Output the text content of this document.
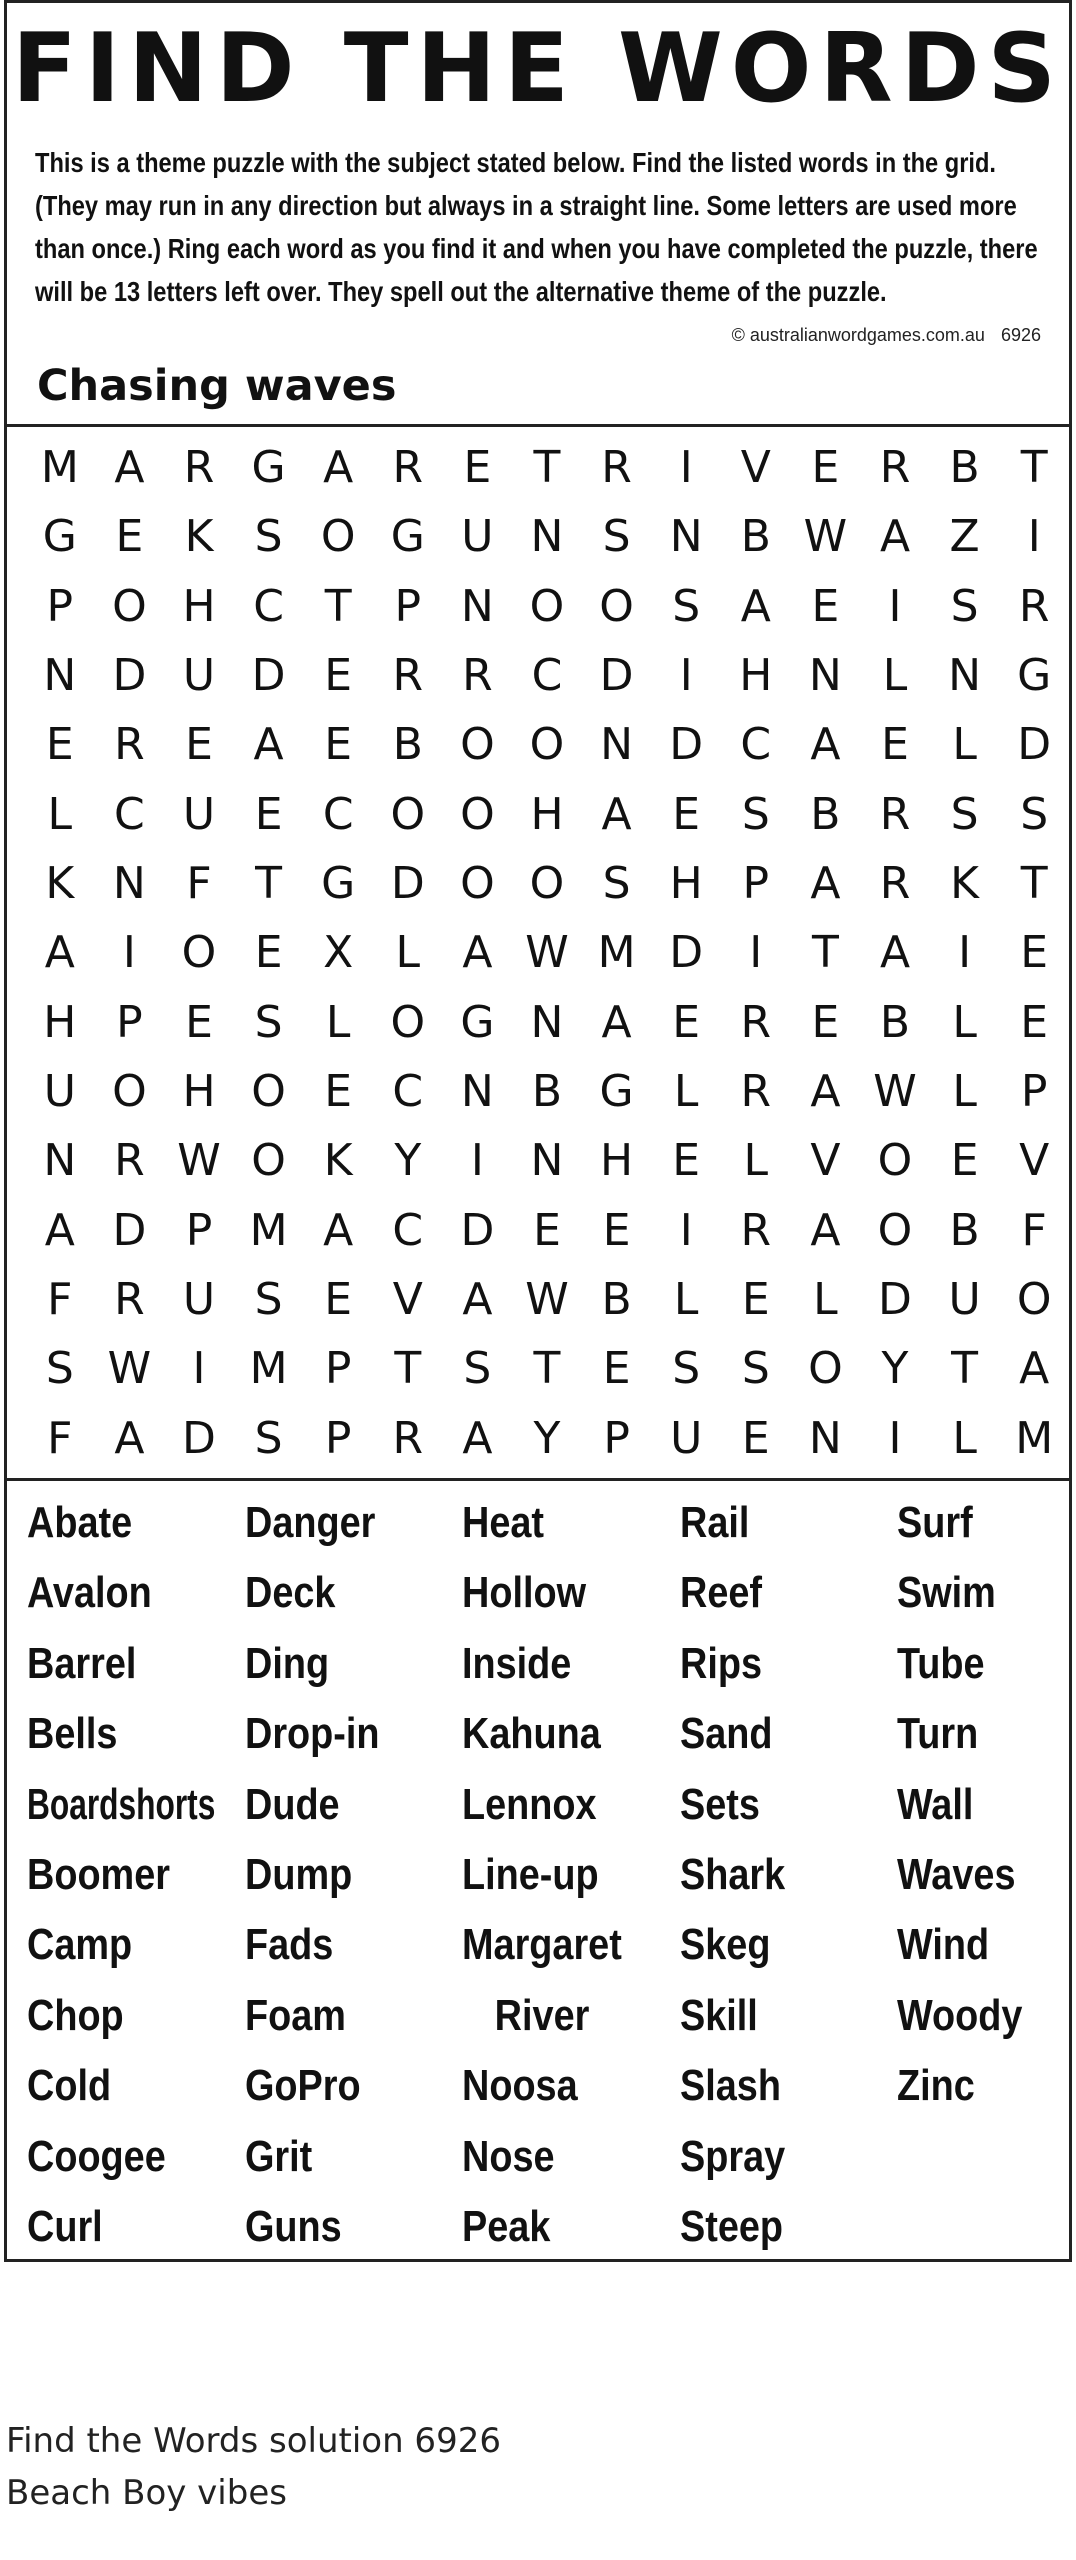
FIND THE WORDS
This is a theme puzzle with the subject stated below. Find the listed words in the grid. (They may run in any direction but always in a straight line. Some letters are used more than once.) Ring each word as you find it and when you have completed the puzzle, there will be 13 letters left over. They spell out the alternative theme of the puzzle.
© australianwordgames.com.au 6926
Chasing waves
M A R G A R E T R	I	V E R B T
G E K S O G U N S N B W A Z	I
P O H C T P N O O S A E	I	S R
N D U D E R R C D	I	H N L N G
E R E A E B O O N D C A E L D
L C U E C O O H A E S B R S S
K N F T G D O O S H P A R K T
A	I	O E X L A W M D	I	T A	I	E
H P E S L O G N A E R E B L E
U O H O E C N B G L R A W L	P
N R W O K Y	I	N H E L V O E V
A D P M A C D E E	I	R A O B F
F R U S E V A W B L E L D U O
S W I	M P T S T E S S O Y T A
F A D S P R A Y P U E N	I	L M
Abate
Avalon
Barrel
Bells
Boardshorts
Boomer
Camp
Chop
Cold
Coogee
Curl
Danger
Deck
Ding
Drop-in
Dude
Dump
Fads
Foam
GoPro
Grit
Guns
Heat
Hollow
Inside
Kahuna
Lennox
Line-up
Margaret
River
Noosa
Nose
Peak
Rail
Reef
Rips
Sand
Sets
Shark
Skeg
Skill
Slash
Spray
Steep
Surf
Swim
Tube
Turn
Wall
Waves
Wind
Woody
Zinc
Find the Words solution 6926
Beach Boy vibes
